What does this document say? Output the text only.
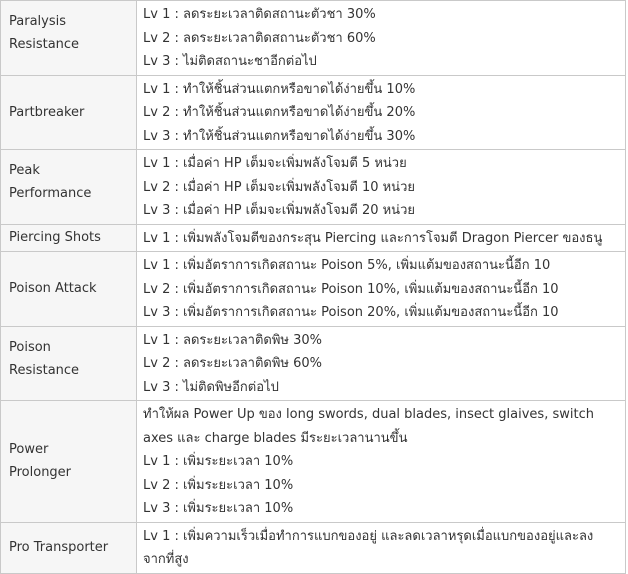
Paralysis
Resistance	Lv 1 : ลดระยะเวลาติดสถานะตัวชา 30%
Lv 2 : ลดระยะเวลาติดสถานะตัวชา 60%
Lv 3 : ไม่ติดสถานะชาอีกต่อไป

Partbreaker	Lv 1 : ทำให้ชิ้นส่วนแตกหรือขาดได้ง่ายขึ้น 10%
Lv 2 : ทำให้ชิ้นส่วนแตกหรือขาดได้ง่ายขึ้น 20%
Lv 3 : ทำให้ชิ้นส่วนแตกหรือขาดได้ง่ายขึ้น 30%

Peak
Performance	Lv 1 : เมื่อค่า HP เต็มจะเพิ่มพลังโจมตี 5 หน่วย
Lv 2 : เมื่อค่า HP เต็มจะเพิ่มพลังโจมตี 10 หน่วย
Lv 3 : เมื่อค่า HP เต็มจะเพิ่มพลังโจมตี 20 หน่วย

Piercing Shots	Lv 1 : เพิ่มพลังโจมตีของกระสุน Piercing และการโจมตี Dragon Piercer ของธนู

Poison Attack	Lv 1 : เพิ่มอัตราการเกิดสถานะ Poison 5%, เพิ่มแต้มของสถานะนี้อีก 10
Lv 2 : เพิ่มอัตราการเกิดสถานะ Poison 10%, เพิ่มแต้มของสถานะนี้อีก 10
Lv 3 : เพิ่มอัตราการเกิดสถานะ Poison 20%, เพิ่มแต้มของสถานะนี้อีก 10

Poison
Resistance	Lv 1 : ลดระยะเวลาติดพิษ 30%
Lv 2 : ลดระยะเวลาติดพิษ 60%
Lv 3 : ไม่ติดพิษอีกต่อไป

Power
Prolonger	ทำให้ผล Power Up ของ long swords, dual blades, insect glaives, switch axes และ charge blades มีระยะเวลานานขึ้น
Lv 1 : เพิ่มระยะเวลา 10%
Lv 2 : เพิ่มระยะเวลา 10%
Lv 3 : เพิ่มระยะเวลา 10%

Pro Transporter	Lv 1 : เพิ่มความเร็วเมื่อทำการแบกของอยู่ และลดเวลาหรุดเมื่อแบกของอยู่และลงจากที่สูง
